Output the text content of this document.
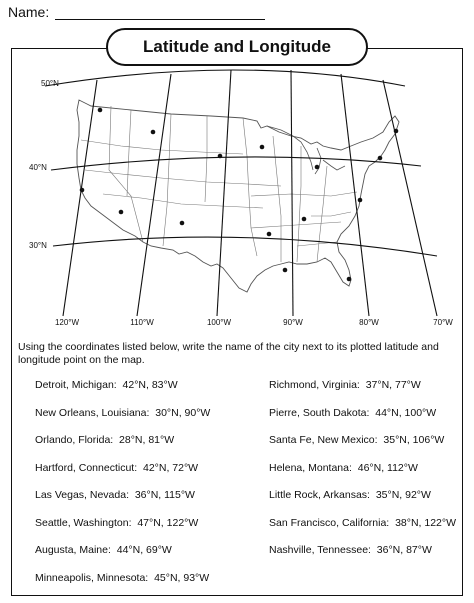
Name:
Latitude and Longitude
50°N
40°N
30°N
120°W	110°W	100°W	90°W	80°W	70°W
Using the coordinates listed below, write the name of the city next to its plotted latitude and longitude point on the map.
Detroit, Michigan: 42°N, 83°W
New Orleans, Louisiana: 30°N, 90°W
Orlando, Florida: 28°N, 81°W
Hartford, Connecticut: 42°N, 72°W
Las Vegas, Nevada: 36°N, 115°W
Seattle, Washington: 47°N, 122°W
Augusta, Maine: 44°N, 69°W
Minneapolis, Minnesota: 45°N, 93°W
Richmond, Virginia: 37°N, 77°W
Pierre, South Dakota: 44°N, 100°W
Santa Fe, New Mexico: 35°N, 106°W
Helena, Montana: 46°N, 112°W
Little Rock, Arkansas: 35°N, 92°W
San Francisco, California: 38°N, 122°W
Nashville, Tennessee: 36°N, 87°W
